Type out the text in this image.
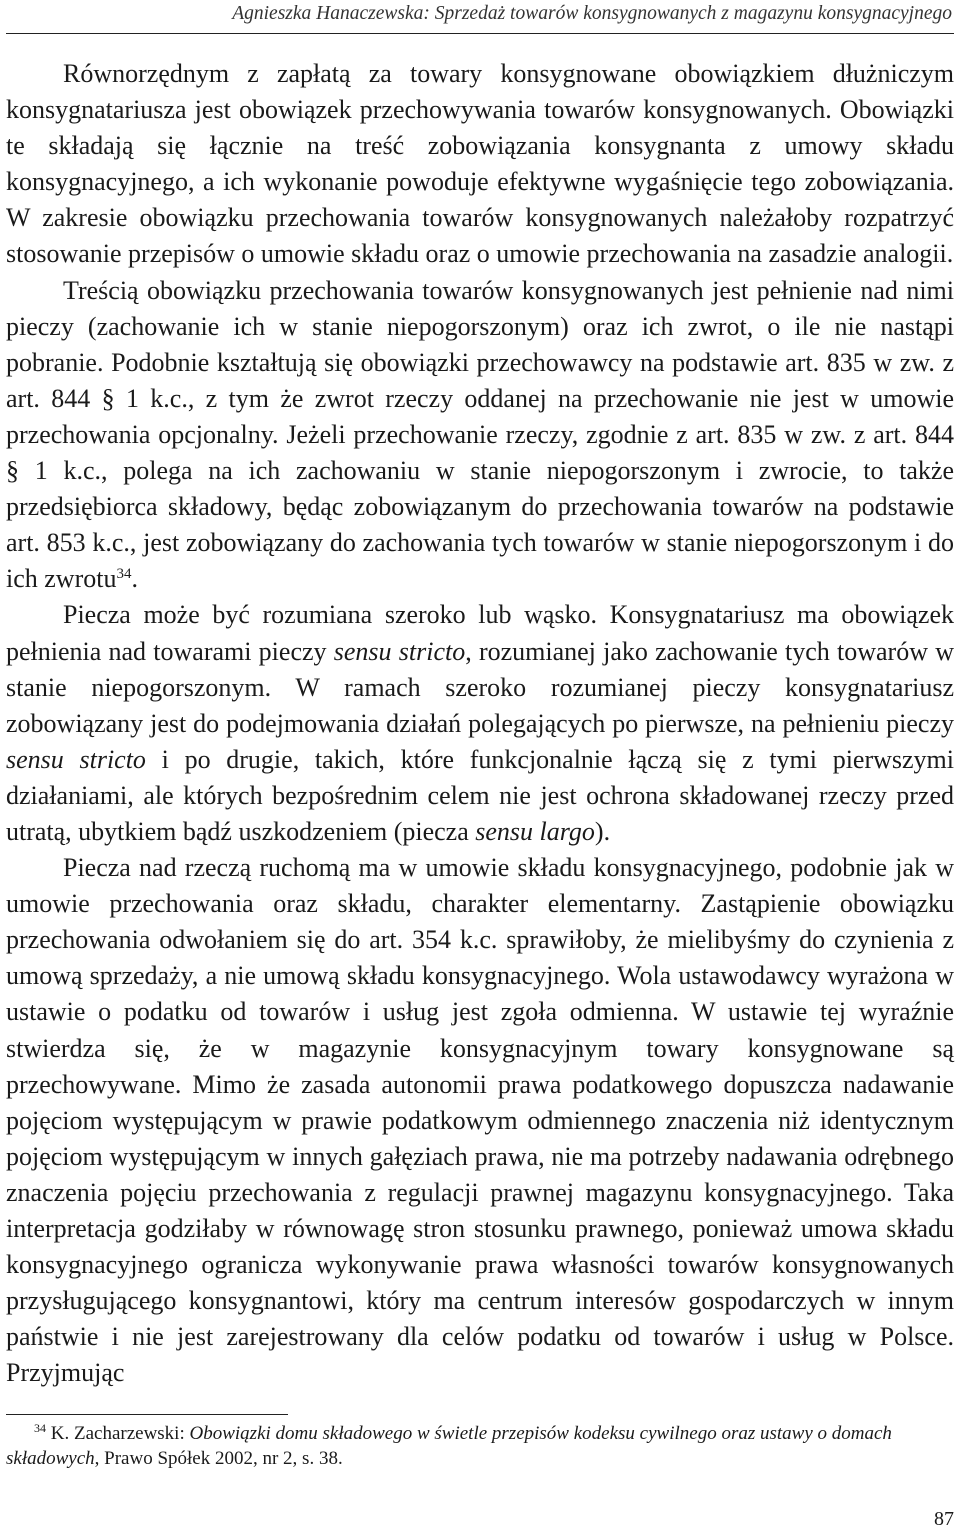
Agnieszka Hanaczewska: Sprzedaż towarów konsygnowanych z magazynu konsygnacyjnego

Równorzędnym z zapłatą za towary konsygnowane obowiązkiem dłużniczym konsygnatariusza jest obowiązek przechowywania towarów konsygnowanych. Obowiązki te składają się łącznie na treść zobowiązania konsygnanta z umowy składu konsygnacyjnego, a ich wykonanie powoduje efektywne wygaśnięcie tego zobowiązania. W zakresie obowiązku przechowania towarów konsygnowanych należałoby rozpatrzyć stosowanie przepisów o umowie składu oraz o umowie przechowania na zasadzie analogii.

Treścią obowiązku przechowania towarów konsygnowanych jest pełnienie nad nimi pieczy (zachowanie ich w stanie niepogorszonym) oraz ich zwrot, o ile nie nastąpi pobranie. Podobnie kształtują się obowiązki przechowawcy na podstawie art. 835 w zw. z art. 844 § 1 k.c., z tym że zwrot rzeczy oddanej na przechowanie nie jest w umowie przechowania opcjonalny. Jeżeli przechowanie rzeczy, zgodnie z art. 835 w zw. z art. 844 § 1 k.c., polega na ich zachowaniu w stanie niepogorszonym i zwrocie, to także przedsiębiorca składowy, będąc zobowiązanym do przechowania towarów na podstawie art. 853 k.c., jest zobowiązany do zachowania tych towarów w stanie niepogorszonym i do ich zwrotu$^{34}$.

Piecza może być rozumiana szeroko lub wąsko. Konsygnatariusz ma obowiązek pełnienia nad towarami pieczy sensu stricto, rozumianej jako zachowanie tych towarów w stanie niepogorszonym. W ramach szeroko rozumianej pieczy konsygnatariusz zobowiązany jest do podejmowania działań polegających po pierwsze, na pełnieniu pieczy sensu stricto i po drugie, takich, które funkcjonalnie łączą się z tymi pierwszymi działaniami, ale których bezpośrednim celem nie jest ochrona składowanej rzeczy przed utratą, ubytkiem bądź uszkodzeniem (piecza sensu largo).

Piecza nad rzeczą ruchomą ma w umowie składu konsygnacyjnego, podobnie jak w umowie przechowania oraz składu, charakter elementarny. Zastąpienie obowiązku przechowania odwołaniem się do art. 354 k.c. sprawiłoby, że mielibyśmy do czynienia z umową sprzedaży, a nie umową składu konsygnacyjnego. Wola ustawodawcy wyrażona w ustawie o podatku od towarów i usług jest zgoła odmienna. W ustawie tej wyraźnie stwierdza się, że w magazynie konsygnacyjnym towary konsygnowane są przechowywane. Mimo że zasada autonomii prawa podatkowego dopuszcza nadawanie pojęciom występującym w prawie podatkowym odmiennego znaczenia niż identycznym pojęciom występującym w innych gałęziach prawa, nie ma potrzeby nadawania odrębnego znaczenia pojęciu przechowania z regulacji prawnej magazynu konsygnacyjnego. Taka interpretacja godziłaby w równowagę stron stosunku prawnego, ponieważ umowa składu konsygnacyjnego ogranicza wykonywanie prawa własności towarów konsygnowanych przysługującego konsygnantowi, który ma centrum interesów gospodarczych w innym państwie i nie jest zarejestrowany dla celów podatku od towarów i usług w Polsce. Przyjmując

$^{34}$ K. Zacharzewski: Obowiązki domu składowego w świetle przepisów kodeksu cywilnego oraz ustawy o domach składowych, Prawo Spółek 2002, nr 2, s. 38.
87
